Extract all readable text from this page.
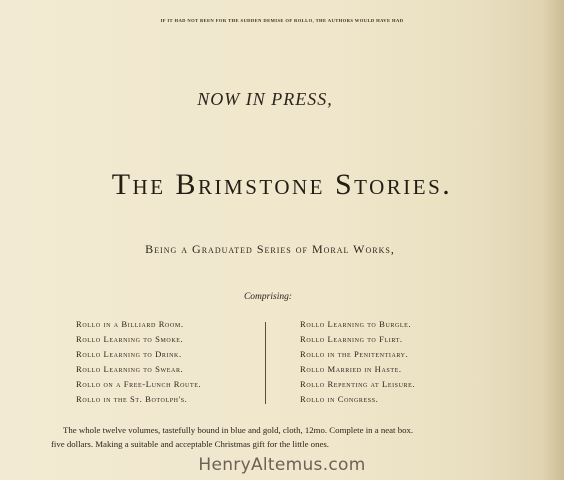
IF IT HAD NOT BEEN FOR THE SUDDEN DEMISE OF ROLLO, THE AUTHORS WOULD HAVE HAD
NOW IN PRESS,
The Brimstone Stories.
Being a Graduated Series of Moral Works,
Comprising:
Rollo in a Billiard Room.
Rollo Learning to Smoke.
Rollo Learning to Drink.
Rollo Learning to Swear.
Rollo on a Free-Lunch Route.
Rollo in the St. Botolph's.
Rollo Learning to Burgle.
Rollo Learning to Flirt.
Rollo in the Penitentiary.
Rollo Married in Haste.
Rollo Repenting at Leisure.
Rollo in Congress.
The whole twelve volumes, tastefully bound in blue and gold, cloth, 12mo. Complete in a neat box.
five dollars. Making a suitable and acceptable Christmas gift for the little ones.
HenryAltemus.com
